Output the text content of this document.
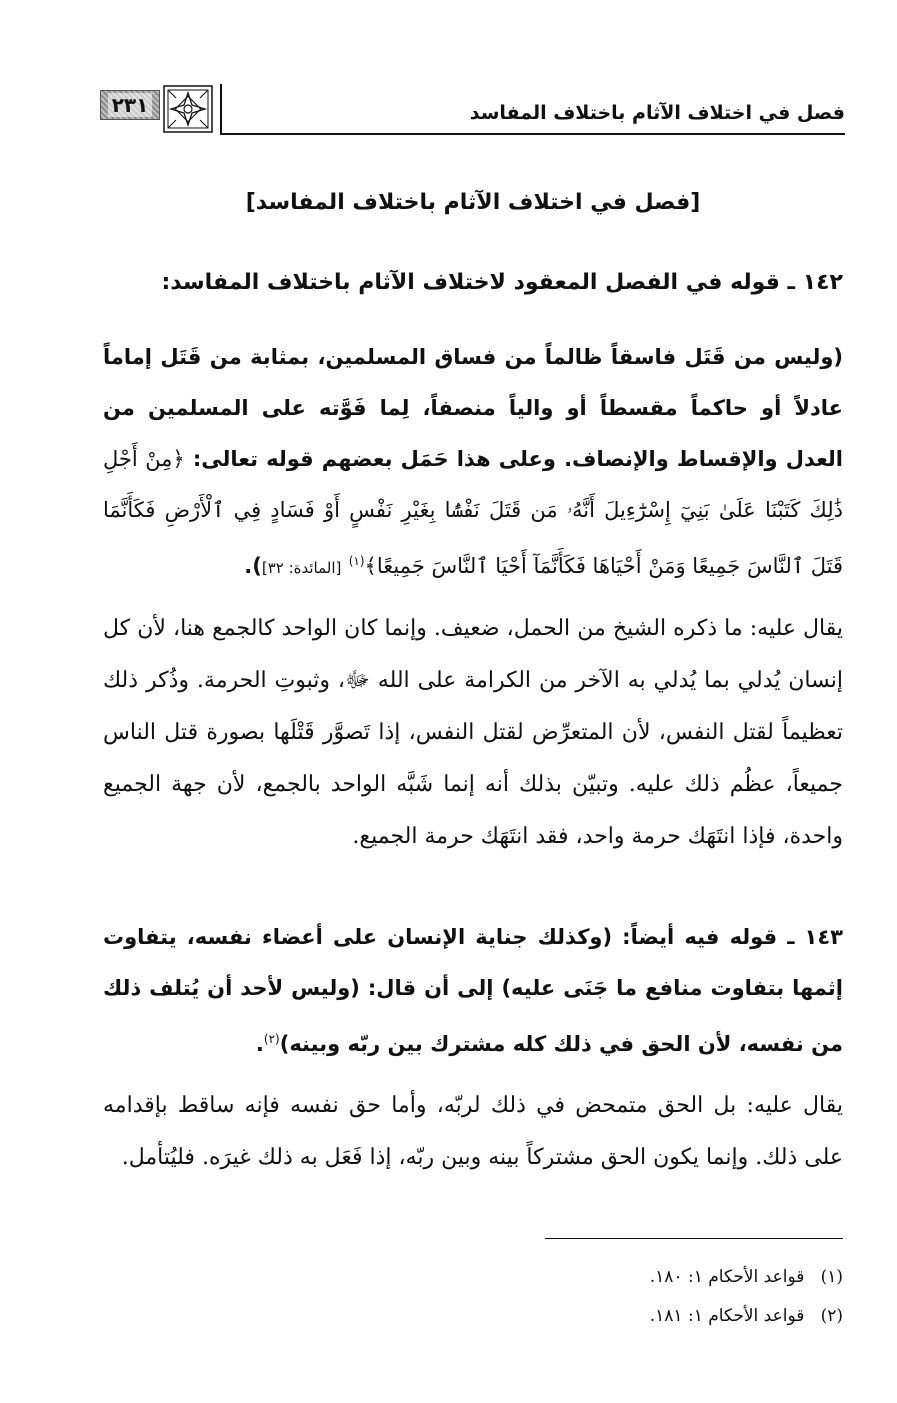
فصل في اختلاف الآثام باختلاف المفاسد
٢٣١
[فصل في اختلاف الآثام باختلاف المفاسد]
١٤٢ ـ قوله في الفصل المعقود لاختلاف الآثام باختلاف المفاسد:
(وليس من قَتَل فاسقاً ظالماً من فساق المسلمين، بمثابة من قَتَل إماماً عادلاً أو حاكماً مقسطاً أو والياً منصفاً، لِما فَوَّته على المسلمين من العدل والإقساط والإنصاف. وعلى هذا حَمَل بعضهم قوله تعالى: ﴿مِنْ أَجْلِ ذَٰلِكَ كَتَبْنَا عَلَىٰ بَنِيٓ إِسْرَٰٓءِيلَ أَنَّهُۥ مَن قَتَلَ نَفْسًۢا بِغَيْرِ نَفْسٍ أَوْ فَسَادٍ فِي ٱلْأَرْضِ فَكَأَنَّمَا قَتَلَ ٱلنَّاسَ جَمِيعًا وَمَنْ أَحْيَاهَا فَكَأَنَّمَآ أَحْيَا ٱلنَّاسَ جَمِيعًا﴾$^{(١)}$ [المائدة: ٣٢]).
يقال عليه: ما ذكره الشيخ من الحمل، ضعيف. وإنما كان الواحد كالجمع هنا، لأن كل إنسان يُدلي بما يُدلي به الآخر من الكرامة على الله ﷻ، وثبوتِ الحرمة. وذُكر ذلك تعظيماً لقتل النفس، لأن المتعرِّض لقتل النفس، إذا تَصوَّر قَتْلَها بصورة قتل الناس جميعاً، عظُم ذلك عليه. وتبيّن بذلك أنه إنما شَبَّه الواحد بالجمع، لأن جهة الجميع واحدة، فإذا انتَهَك حرمة واحد، فقد انتَهَك حرمة الجميع.
١٤٣ ـ قوله فيه أيضاً: (وكذلك جناية الإنسان على أعضاء نفسه، يتفاوت إثمها بتفاوت منافع ما جَنَى عليه) إلى أن قال: (وليس لأحد أن يُتلف ذلك من نفسه، لأن الحق في ذلك كله مشترك بين ربّه وبينه)$^{(٢)}$.
يقال عليه: بل الحق متمحض في ذلك لربّه، وأما حق نفسه فإنه ساقط بإقدامه على ذلك. وإنما يكون الحق مشتركاً بينه وبين ربّه، إذا فَعَل به ذلك غيرَه. فليُتأمل.
(١)   قواعد الأحكام ١: ١٨٠.
(٢)   قواعد الأحكام ١: ١٨١.
